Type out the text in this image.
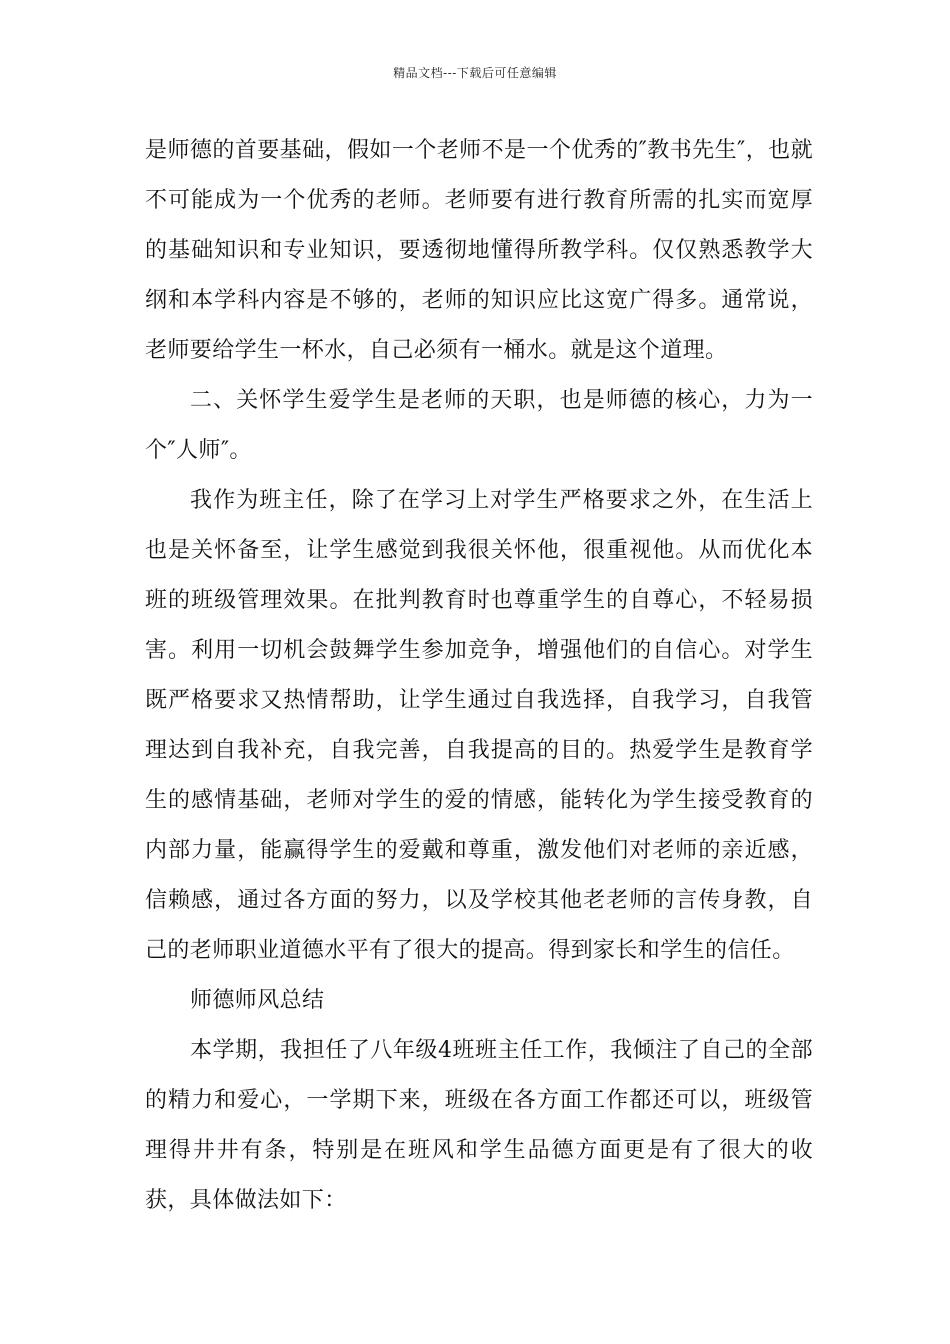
精品文档---下载后可任意编辑

是师德的首要基础，假如一个老师不是一个优秀的″教书先生″，也就不可能成为一个优秀的老师。老师要有进行教育所需的扎实而宽厚的基础知识和专业知识，要透彻地懂得所教学科。仅仅熟悉教学大纲和本学科内容是不够的，老师的知识应比这宽广得多。通常说，老师要给学生一杯水，自己必须有一桶水。就是这个道理。

二、关怀学生爱学生是老师的天职，也是师德的核心，力为一个″人师″。

我作为班主任，除了在学习上对学生严格要求之外，在生活上也是关怀备至，让学生感觉到我很关怀他，很重视他。从而优化本班的班级管理效果。在批判教育时也尊重学生的自尊心，不轻易损害。利用一切机会鼓舞学生参加竞争，增强他们的自信心。对学生既严格要求又热情帮助，让学生通过自我选择，自我学习，自我管理达到自我补充，自我完善，自我提高的目的。热爱学生是教育学生的感情基础，老师对学生的爱的情感，能转化为学生接受教育的内部力量，能赢得学生的爱戴和尊重，激发他们对老师的亲近感，信赖感，通过各方面的努力，以及学校其他老老师的言传身教，自己的老师职业道德水平有了很大的提高。得到家长和学生的信任。

师德师风总结

本学期，我担任了八年级4班班主任工作，我倾注了自己的全部的精力和爱心，一学期下来，班级在各方面工作都还可以，班级管理得井井有条，特别是在班风和学生品德方面更是有了很大的收获，具体做法如下：
